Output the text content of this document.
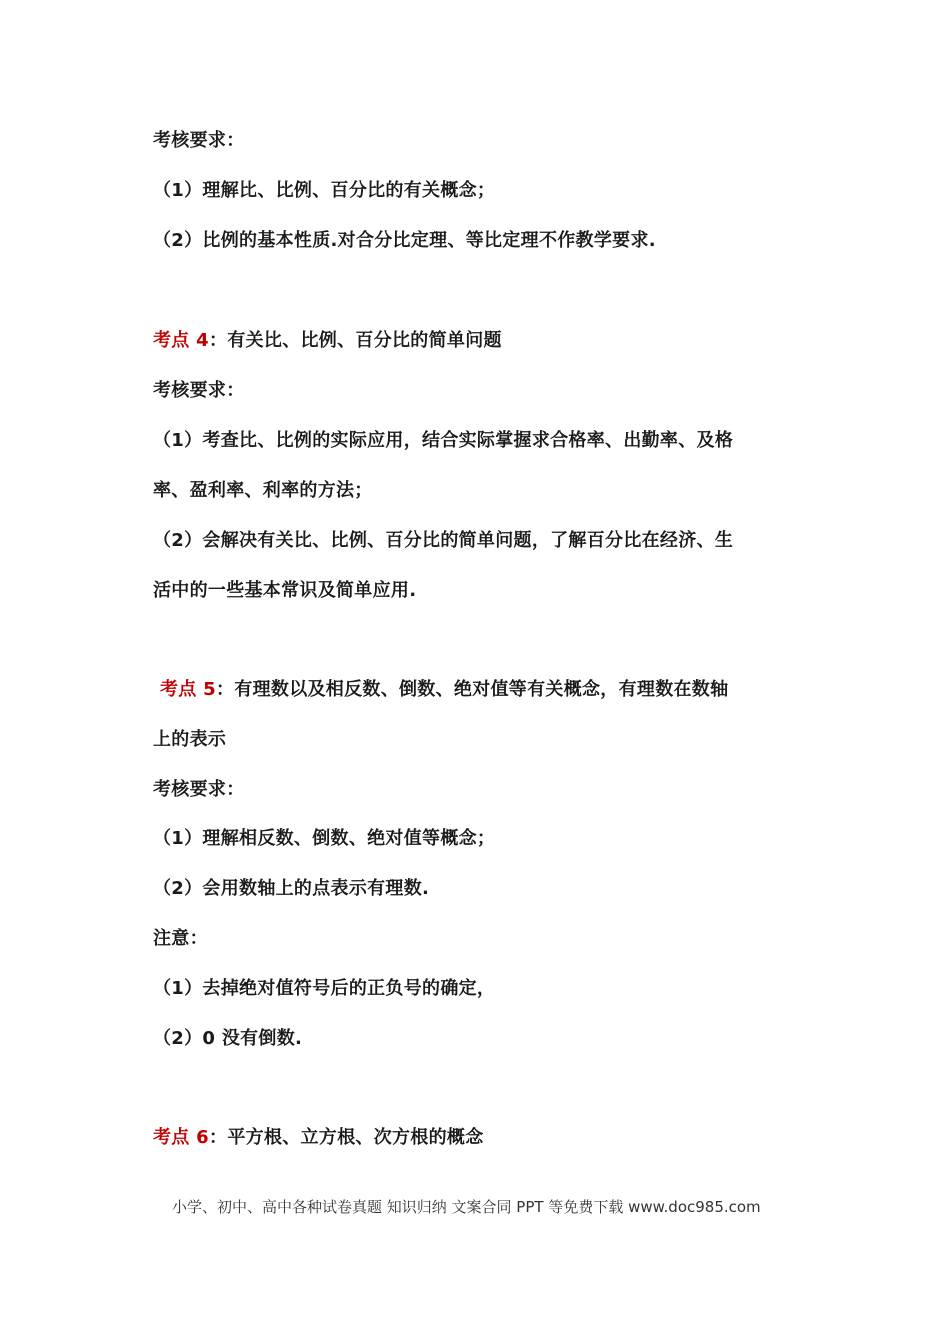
考核要求：
（1）理解比、比例、百分比的有关概念；
（2）比例的基本性质.对合分比定理、等比定理不作教学要求.
考点 4：有关比、比例、百分比的简单问题
考核要求：
（1）考查比、比例的实际应用，结合实际掌握求合格率、出勤率、及格
率、盈利率、利率的方法；
（2）会解决有关比、比例、百分比的简单问题，了解百分比在经济、生
活中的一些基本常识及简单应用.
考点 5：有理数以及相反数、倒数、绝对值等有关概念，有理数在数轴
上的表示
考核要求：
（1）理解相反数、倒数、绝对值等概念；
（2）会用数轴上的点表示有理数.
注意：
（1）去掉绝对值符号后的正负号的确定，
（2）0 没有倒数.
考点 6：平方根、立方根、次方根的概念
小学、初中、高中各种试卷真题 知识归纳 文案合同 PPT 等免费下载 www.doc985.com
